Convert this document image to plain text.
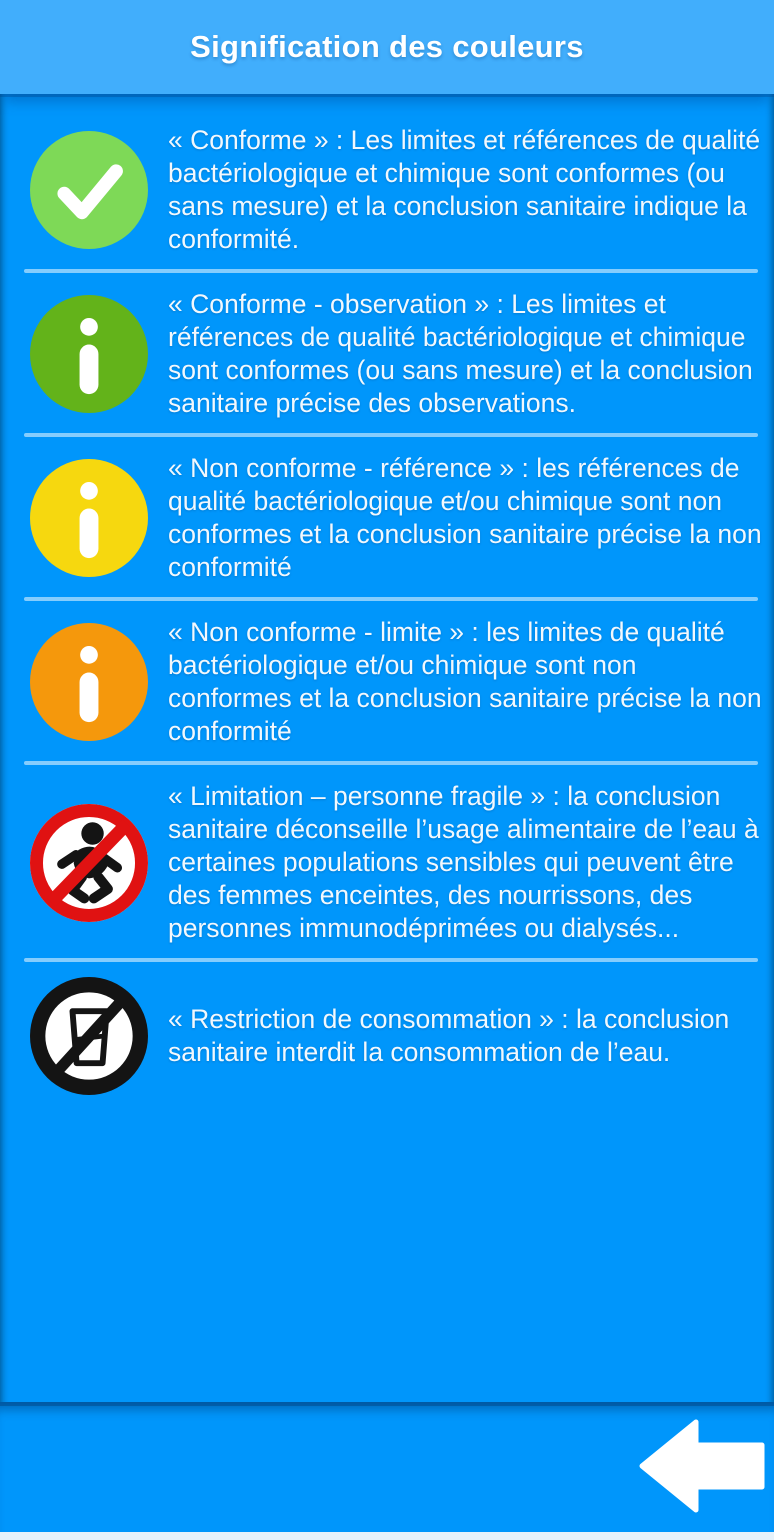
Signification des couleurs

« Conforme » : Les limites et références de qualité bactériologique et chimique sont conformes (ou sans mesure) et la conclusion sanitaire indique la conformité.

« Conforme - observation » : Les limites et références de qualité bactériologique et chimique sont conformes (ou sans mesure) et la conclusion sanitaire précise des observations.

« Non conforme - référence » : les références de qualité bactériologique et/ou chimique sont non conformes et la conclusion sanitaire précise la non conformité

« Non conforme - limite » : les limites de qualité bactériologique et/ou chimique sont non conformes et la conclusion sanitaire précise la non conformité

« Limitation – personne fragile » : la conclusion sanitaire déconseille l’usage alimentaire de l’eau à certaines populations sensibles qui peuvent être des femmes enceintes, des nourrissons, des personnes immunodéprimées ou dialysés...

« Restriction de consommation » : la conclusion sanitaire interdit la consommation de l’eau.
